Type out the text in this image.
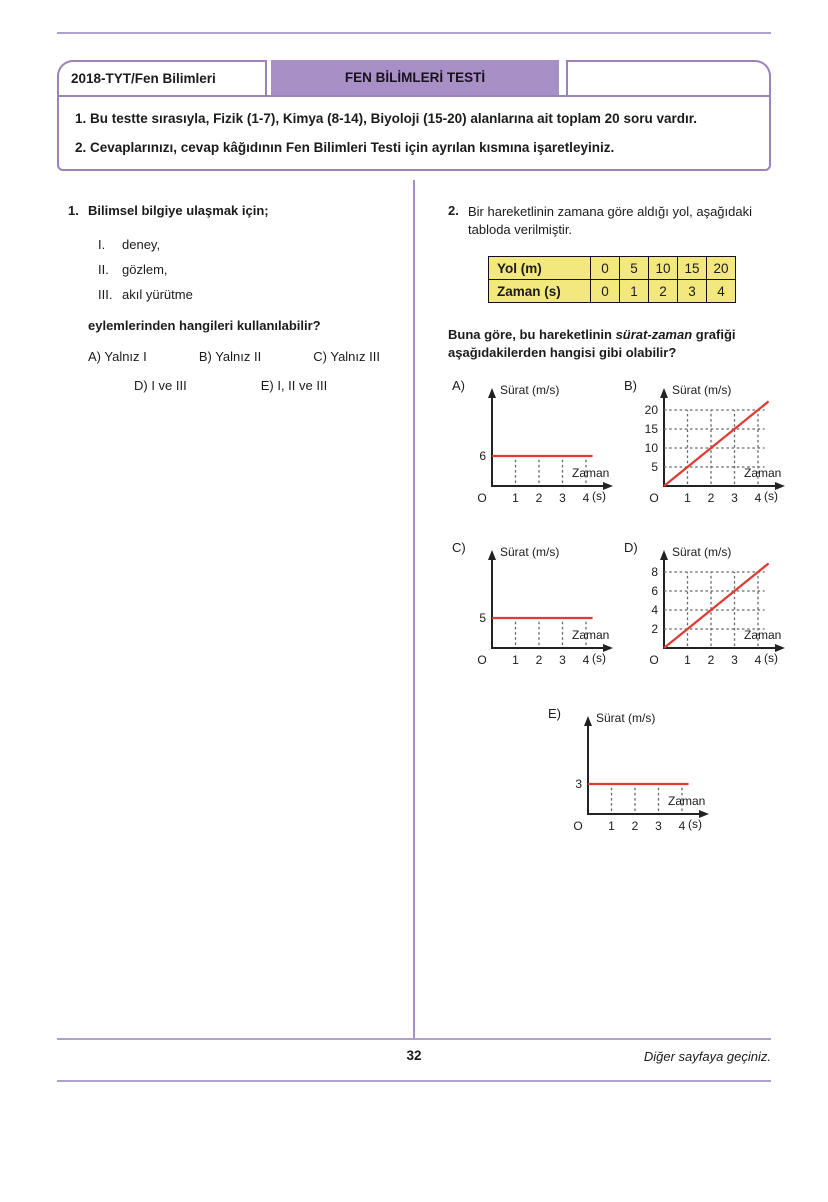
2018-TYT/Fen Bilimleri	FEN BİLİMLERİ TESTİ

1. Bu testte sırasıyla, Fizik (1-7), Kimya (8-14), Biyoloji (15-20) alanlarına ait toplam 20 soru vardır.

2. Cevaplarınızı, cevap kâğıdının Fen Bilimleri Testi için ayrılan kısmına işaretleyiniz.

1. Bilimsel bilgiye ulaşmak için;
I.	deney,
II.	gözlem,
III. akıl yürütme
eylemlerinden hangileri kullanılabilir?
A) Yalnız I	B) Yalnız II	C) Yalnız III
D) I ve III	E) I, II ve III
2. Bir hareketlinin zamana göre aldığı yol, aşağıdaki tabloda verilmiştir.
Yol (m)	0	5	10	15	20
Zaman (s)	0	1	2	3	4
Buna göre, bu hareketlinin sürat-zaman grafiği aşağıdakilerden hangisi gibi olabilir?
A)
O 1 2 3 4
Sürat (m/s)
Zaman
(s)
6
B)
O 1 2 3 4
Sürat (m/s)
Zaman
(s)
5
10
15
20
C)
O 1 2 3 4
Sürat (m/s)
Zaman
(s)
5
D)
O 1 2 3 4
Sürat (m/s)
Zaman
(s)
2
4
6
8
E)
O 1 2 3 4
Sürat (m/s)
Zaman
(s)
3
32	Diğer sayfaya geçiniz.
